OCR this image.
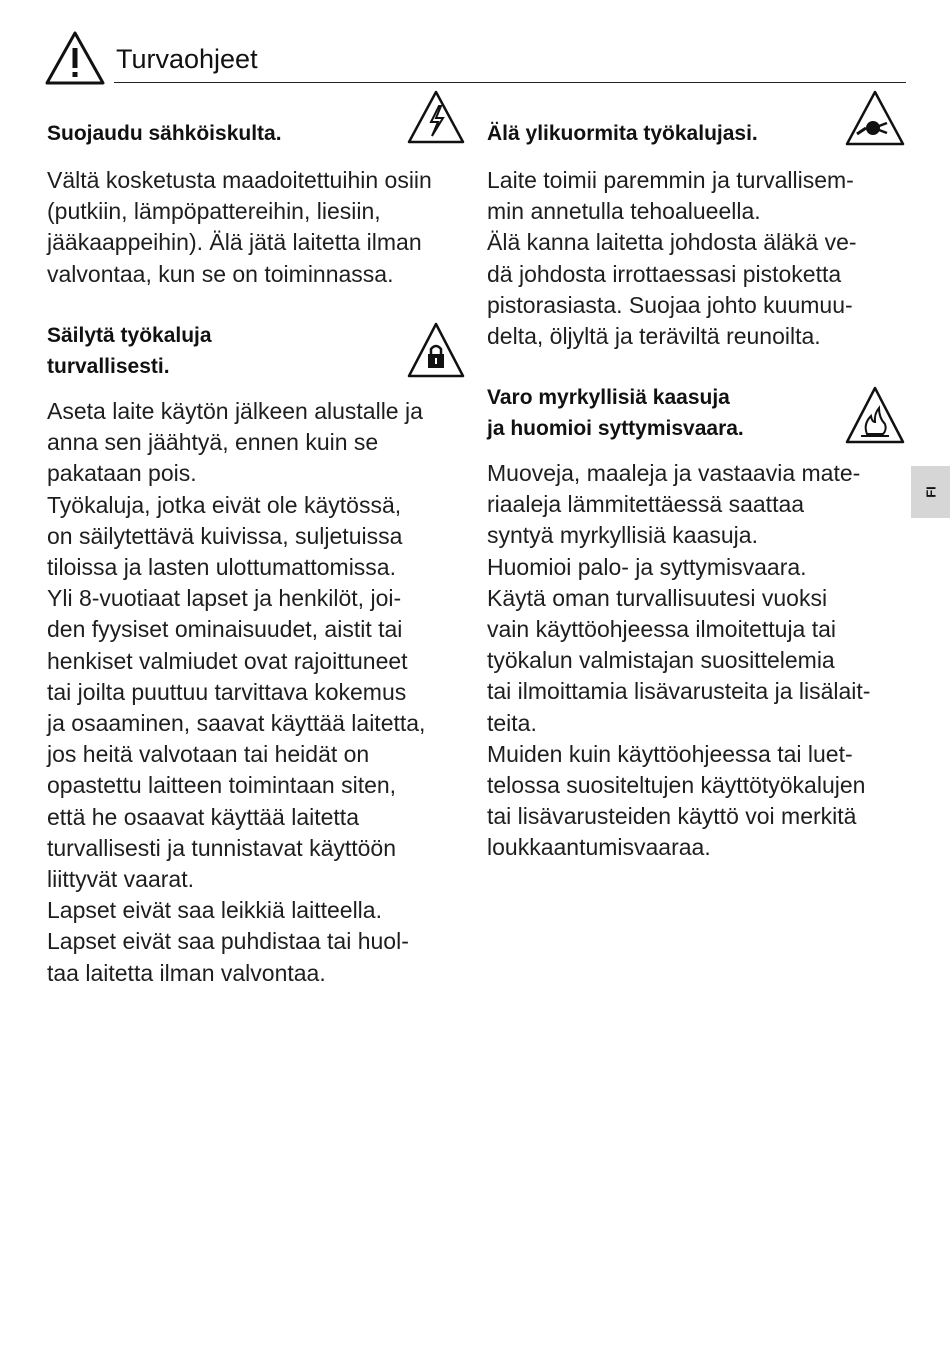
Turvaohjeet
Suojaudu sähköiskulta.

Vältä kosketusta maadoitettuihin osiin

(putkiin, lämpöpattereihin, liesiin,

jääkaappeihin). Älä jätä laitetta ilman

valvontaa, kun se on toiminnassa.

Säilytä työkaluja
turvallisesti.

Aseta laite käytön jälkeen alustalle ja

anna sen jäähtyä, ennen kuin se

pakataan pois.

Työkaluja, jotka eivät ole käytössä,

on säilytettävä kuivissa, suljetuissa

tiloissa ja lasten ulottumattomissa.

Yli 8-vuotiaat lapset ja henkilöt, joi-

den fyysiset ominaisuudet, aistit tai

henkiset valmiudet ovat rajoittuneet

tai joilta puuttuu tarvittava kokemus

ja osaaminen, saavat käyttää laitetta,

jos heitä valvotaan tai heidät on

opastettu laitteen toimintaan siten,

että he osaavat käyttää laitetta

turvallisesti ja tunnistavat käyttöön

liittyvät vaarat.

Lapset eivät saa leikkiä laitteella.

Lapset eivät saa puhdistaa tai huol-

taa laitetta ilman valvontaa.

Älä ylikuormita työkalujasi.

Laite toimii paremmin ja turvallisem-

min annetulla tehoalueella.

Älä kanna laitetta johdosta äläkä ve-

dä johdosta irrottaessasi pistoketta

pistorasiasta. Suojaa johto kuumuu-

delta, öljyltä ja teräviltä reunoilta.

Varo myrkyllisiä kaasuja
ja huomioi syttymisvaara.

Muoveja, maaleja ja vastaavia mate-

riaaleja lämmitettäessä saattaa

syntyä myrkyllisiä kaasuja.

Huomioi palo- ja syttymisvaara.

Käytä oman turvallisuutesi vuoksi

vain käyttöohjeessa ilmoitettuja tai

työkalun valmistajan suosittelemia

tai ilmoittamia lisävarusteita ja lisälait-

teita.

Muiden kuin käyttöohjeessa tai luet-

telossa suositeltujen käyttötyökalujen

tai lisävarusteiden käyttö voi merkitä

loukkaantumisvaaraa.

FI
